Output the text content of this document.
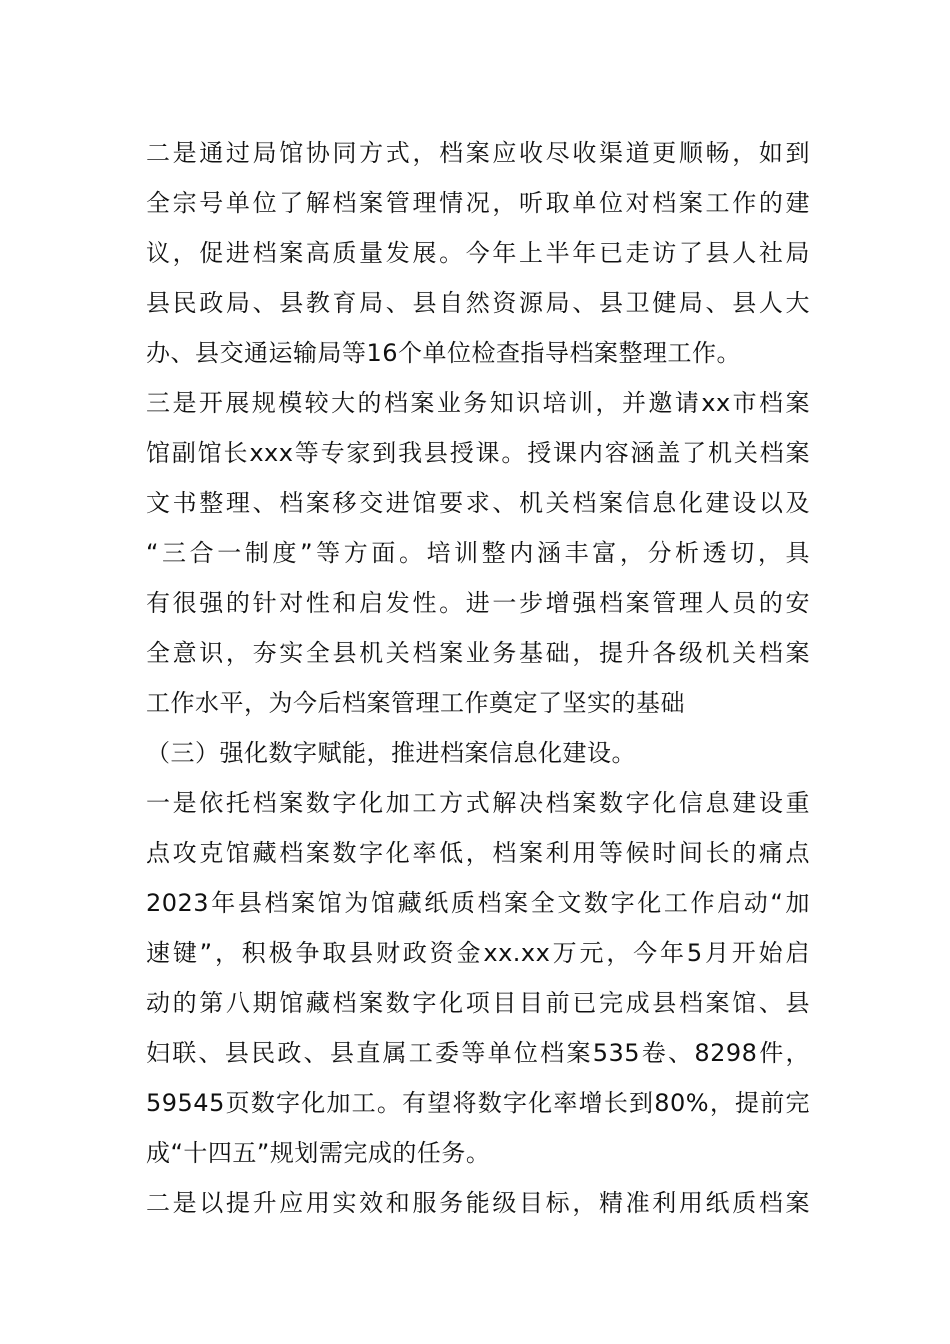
二是通过局馆协同方式，档案应收尽收渠道更顺畅，如到
全宗号单位了解档案管理情况，听取单位对档案工作的建
议，促进档案高质量发展。今年上半年已走访了县人社局
县民政局、县教育局、县自然资源局、县卫健局、县人大
办、县交通运输局等16个单位检查指导档案整理工作。
三是开展规模较大的档案业务知识培训，并邀请xx市档案
馆副馆长xxx等专家到我县授课。授课内容涵盖了机关档案
文书整理、档案移交进馆要求、机关档案信息化建设以及
“三合一制度”等方面。培训整内涵丰富，分析透切，具
有很强的针对性和启发性。进一步增强档案管理人员的安
全意识，夯实全县机关档案业务基础，提升各级机关档案
工作水平，为今后档案管理工作奠定了坚实的基础
（三）强化数字赋能，推进档案信息化建设。
一是依托档案数字化加工方式解决档案数字化信息建设重
点攻克馆藏档案数字化率低，档案利用等候时间长的痛点
2023年县档案馆为馆藏纸质档案全文数字化工作启动“加
速键”，积极争取县财政资金xx.xx万元，今年5月开始启
动的第八期馆藏档案数字化项目目前已完成县档案馆、县
妇联、县民政、县直属工委等单位档案535卷、8298件，
59545页数字化加工。有望将数字化率增长到80%，提前完
成“十四五”规划需完成的任务。
二是以提升应用实效和服务能级目标，精准利用纸质档案
